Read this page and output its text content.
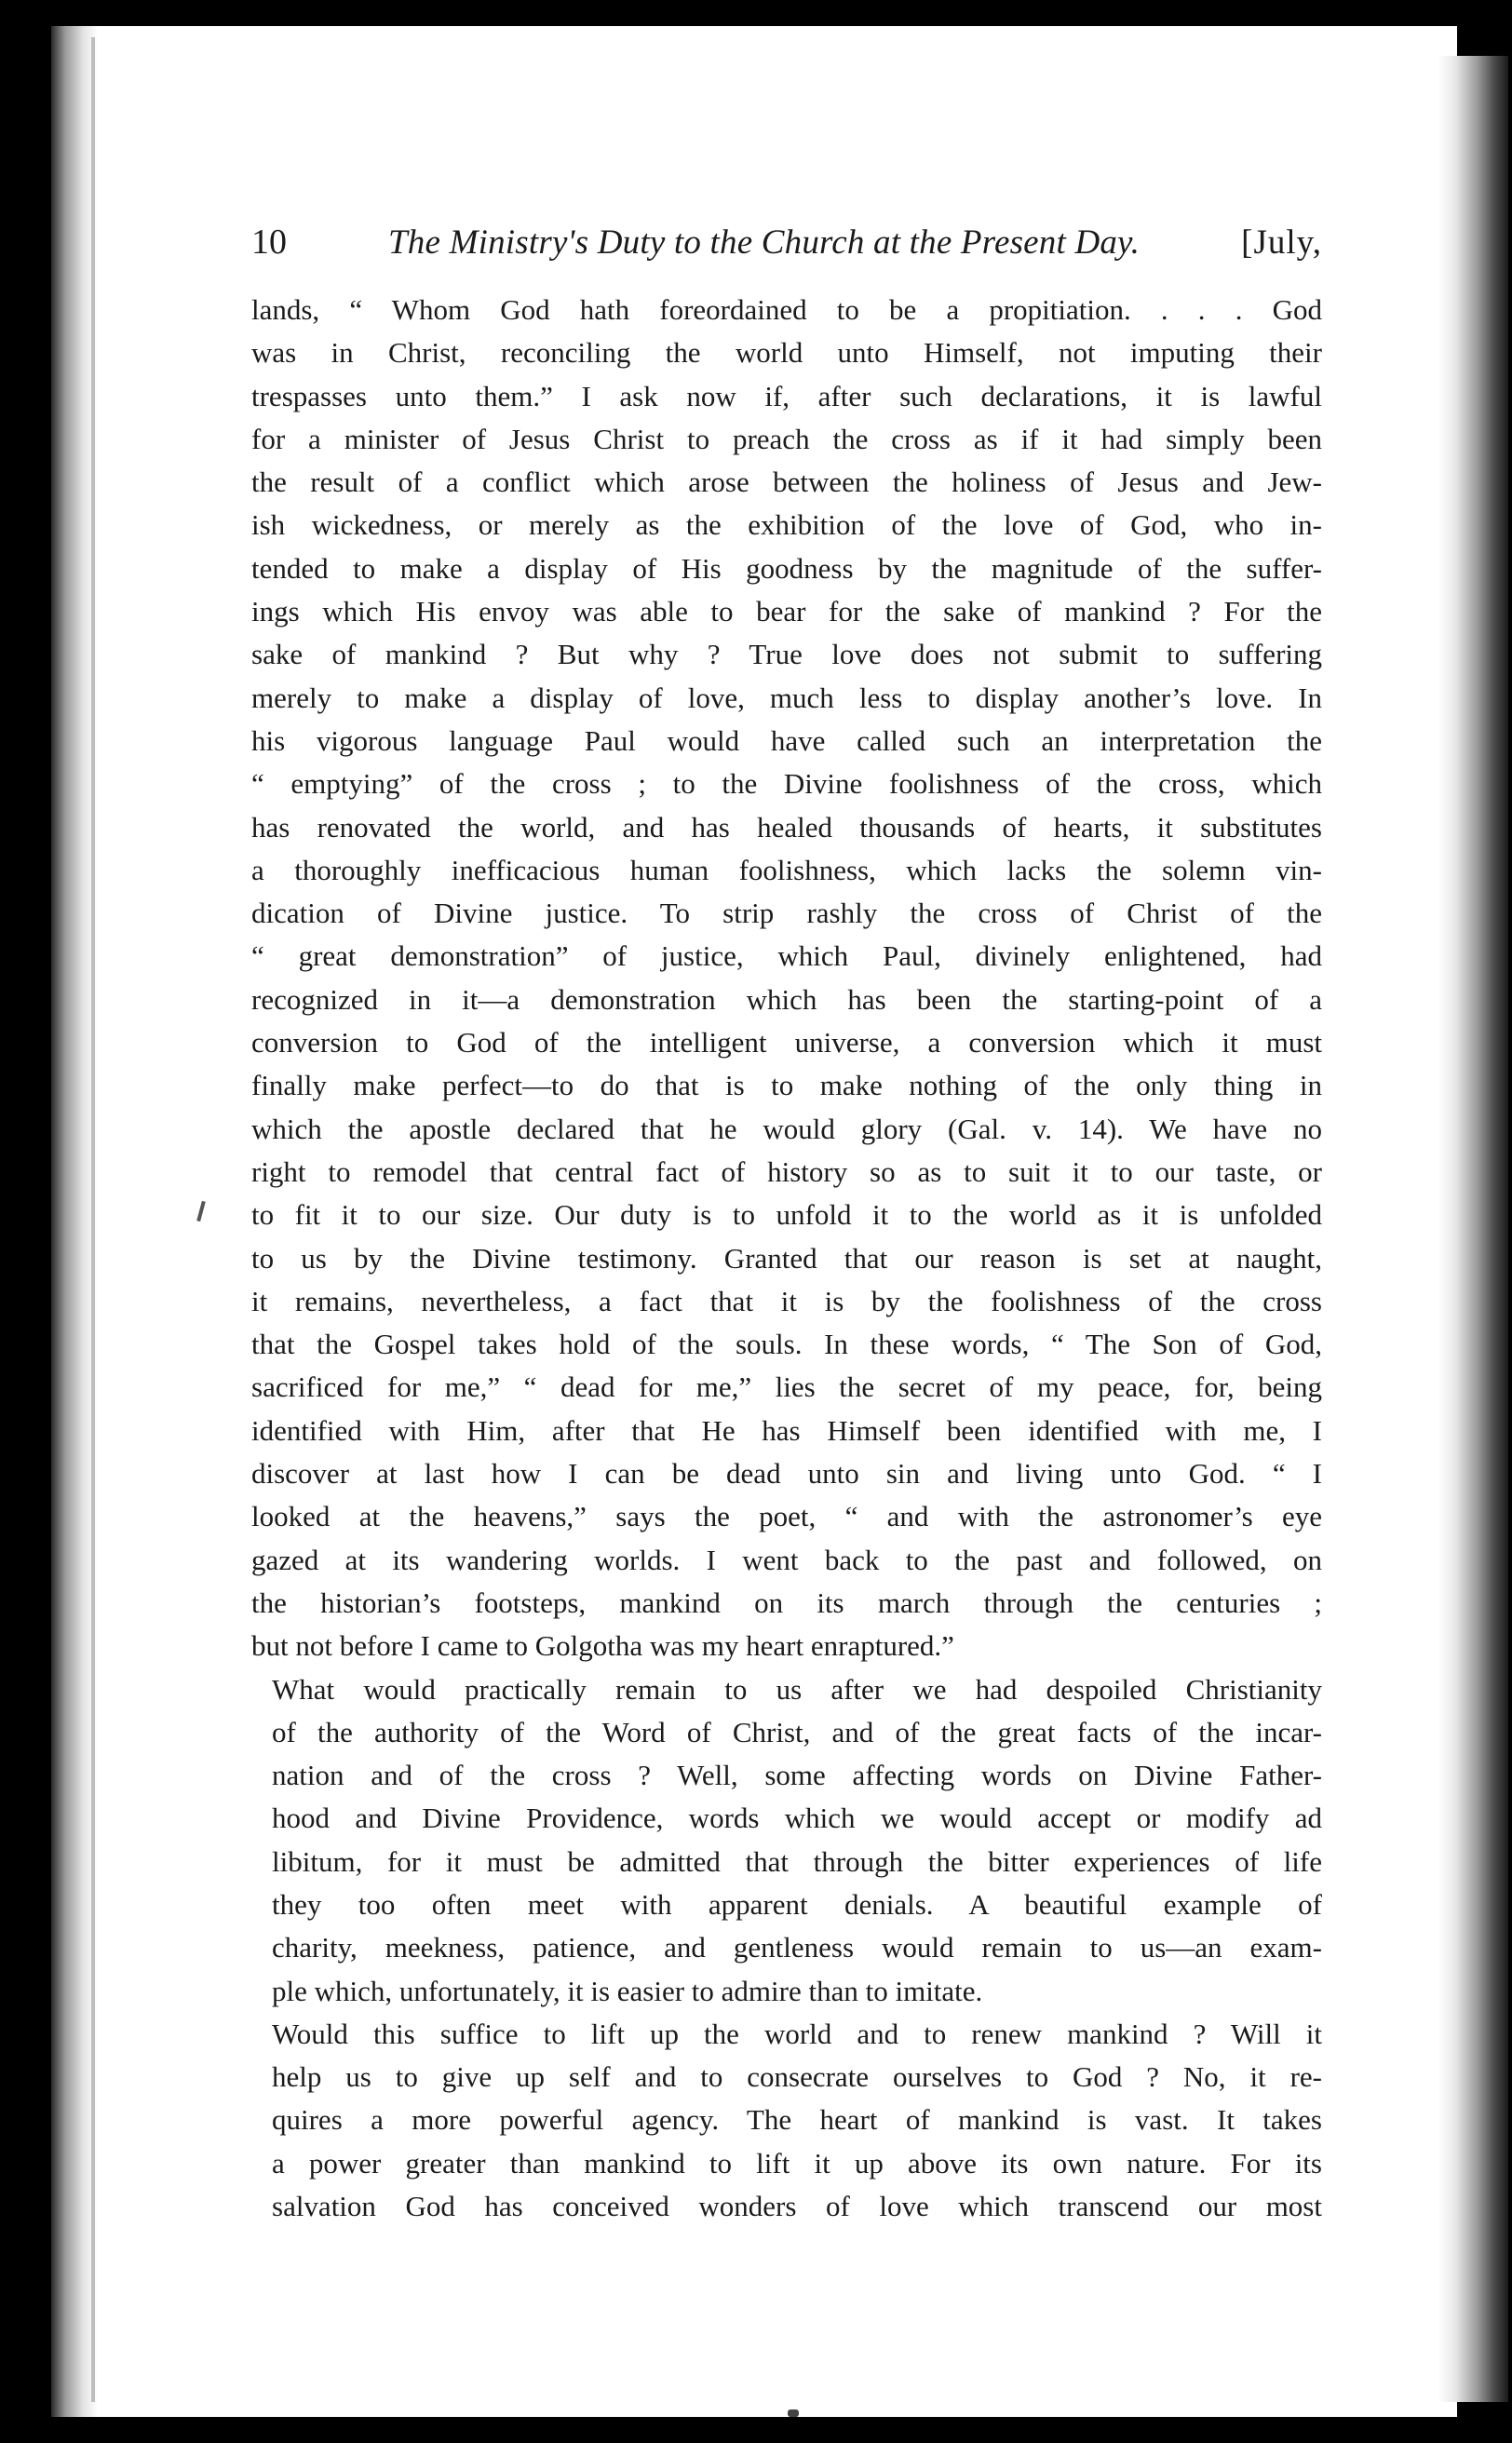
10	The Ministry's Duty to the Church at the Present Day.	[July,

lands, “ Whom God hath foreordained to be a propitiation. . . . God
was in Christ, reconciling the world unto Himself, not imputing their
trespasses unto them.” I ask now if, after such declarations, it is lawful
for a minister of Jesus Christ to preach the cross as if it had simply been
the result of a conflict which arose between the holiness of Jesus and Jew-
ish wickedness, or merely as the exhibition of the love of God, who in-
tended to make a display of His goodness by the magnitude of the suffer-
ings which His envoy was able to bear for the sake of mankind ? For the
sake of mankind ? But why ? True love does not submit to suffering
merely to make a display of love, much less to display another’s love. In
his vigorous language Paul would have called such an interpretation the
“ emptying” of the cross ; to the Divine foolishness of the cross, which
has renovated the world, and has healed thousands of hearts, it substitutes
a thoroughly inefficacious human foolishness, which lacks the solemn vin-
dication of Divine justice. To strip rashly the cross of Christ of the
“ great demonstration” of justice, which Paul, divinely enlightened, had
recognized in it—a demonstration which has been the starting-point of a
conversion to God of the intelligent universe, a conversion which it must
finally make perfect—to do that is to make nothing of the only thing in
which the apostle declared that he would glory (Gal. v. 14). We have no
right to remodel that central fact of history so as to suit it to our taste, or
to fit it to our size. Our duty is to unfold it to the world as it is unfolded
to us by the Divine testimony. Granted that our reason is set at naught,
it remains, nevertheless, a fact that it is by the foolishness of the cross
that the Gospel takes hold of the souls. In these words, “ The Son of God,
sacrificed for me,” “ dead for me,” lies the secret of my peace, for, being
identified with Him, after that He has Himself been identified with me, I
discover at last how I can be dead unto sin and living unto God. “ I
looked at the heavens,” says the poet, “ and with the astronomer’s eye
gazed at its wandering worlds. I went back to the past and followed, on
the historian’s footsteps, mankind on its march through the centuries ;
but not before I came to Golgotha was my heart enraptured.”

What would practically remain to us after we had despoiled Christianity
of the authority of the Word of Christ, and of the great facts of the incar-
nation and of the cross ? Well, some affecting words on Divine Father-
hood and Divine Providence, words which we would accept or modify ad
libitum, for it must be admitted that through the bitter experiences of life
they too often meet with apparent denials. A beautiful example of
charity, meekness, patience, and gentleness would remain to us—an exam-
ple which, unfortunately, it is easier to admire than to imitate.

Would this suffice to lift up the world and to renew mankind ? Will it
help us to give up self and to consecrate ourselves to God ? No, it re-
quires a more powerful agency. The heart of mankind is vast. It takes
a power greater than mankind to lift it up above its own nature. For its
salvation God has conceived wonders of love which transcend our most
